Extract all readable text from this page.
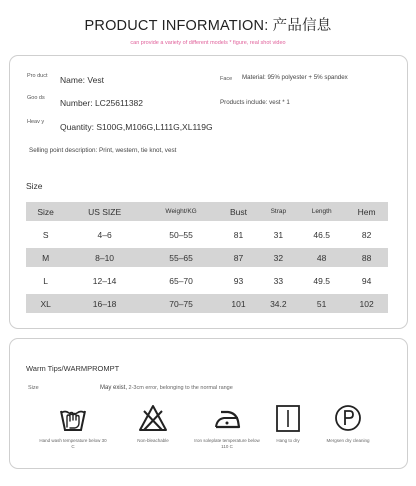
PRODUCT INFORMATION: 产品信息
can provide a variety of different models * figure, real shot video
Pro duct Name: Vest	Face Material: 95% polyester + 5% spandex
Goo ds	Number: LC25611382	Products include: vest * 1
Heav y	Quantity: S100G,M106G,L111G,XL119G
Selling point description: Print, western, tie knot, vest
Size
Size	US SIZE	Weight/KG	Bust	Strap	Length	Hem
S	4–6	50–55	81	31	46.5	82
M	8–10	55–65	87	32	48	88
L	12–14	65–70	93	33	49.5	94
XL	16–18	70–75	101	34.2	51	102
Warm Tips/WARMPROMPT
Size	May exist, 2-3cm error, belonging to the normal range
Hand wash temperature below 30 C
Non-bleachable	Iron soleplate temperature below 110 C
Hang to dry	Mergsen dry cleaning
